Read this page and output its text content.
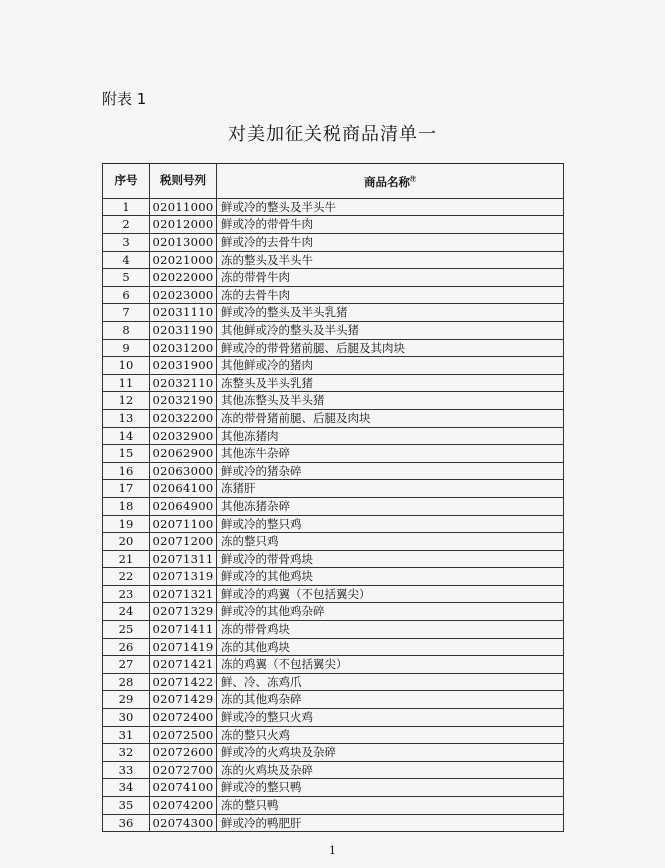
附表 1
对美加征关税商品清单一
序号	税则号列	商品名称$^注$
1	02011000	鲜或冷的整头及半头牛
2	02012000	鲜或冷的带骨牛肉
3	02013000	鲜或冷的去骨牛肉
4	02021000	冻的整头及半头牛
5	02022000	冻的带骨牛肉
6	02023000	冻的去骨牛肉
7	02031110	鲜或冷的整头及半头乳猪
8	02031190	其他鲜或冷的整头及半头猪
9	02031200	鲜或冷的带骨猪前腿、后腿及其肉块
10	02031900	其他鲜或冷的猪肉
11	02032110	冻整头及半头乳猪
12	02032190	其他冻整头及半头猪
13	02032200	冻的带骨猪前腿、后腿及肉块
14	02032900	其他冻猪肉
15	02062900	其他冻牛杂碎
16	02063000	鲜或冷的猪杂碎
17	02064100	冻猪肝
18	02064900	其他冻猪杂碎
19	02071100	鲜或冷的整只鸡
20	02071200	冻的整只鸡
21	02071311	鲜或冷的带骨鸡块
22	02071319	鲜或冷的其他鸡块
23	02071321	鲜或冷的鸡翼（不包括翼尖）
24	02071329	鲜或冷的其他鸡杂碎
25	02071411	冻的带骨鸡块
26	02071419	冻的其他鸡块
27	02071421	冻的鸡翼（不包括翼尖）
28	02071422	鲜、冷、冻鸡爪
29	02071429	冻的其他鸡杂碎
30	02072400	鲜或冷的整只火鸡
31	02072500	冻的整只火鸡
32	02072600	鲜或冷的火鸡块及杂碎
33	02072700	冻的火鸡块及杂碎
34	02074100	鲜或冷的整只鸭
35	02074200	冻的整只鸭
36	02074300	鲜或冷的鸭肥肝
1
